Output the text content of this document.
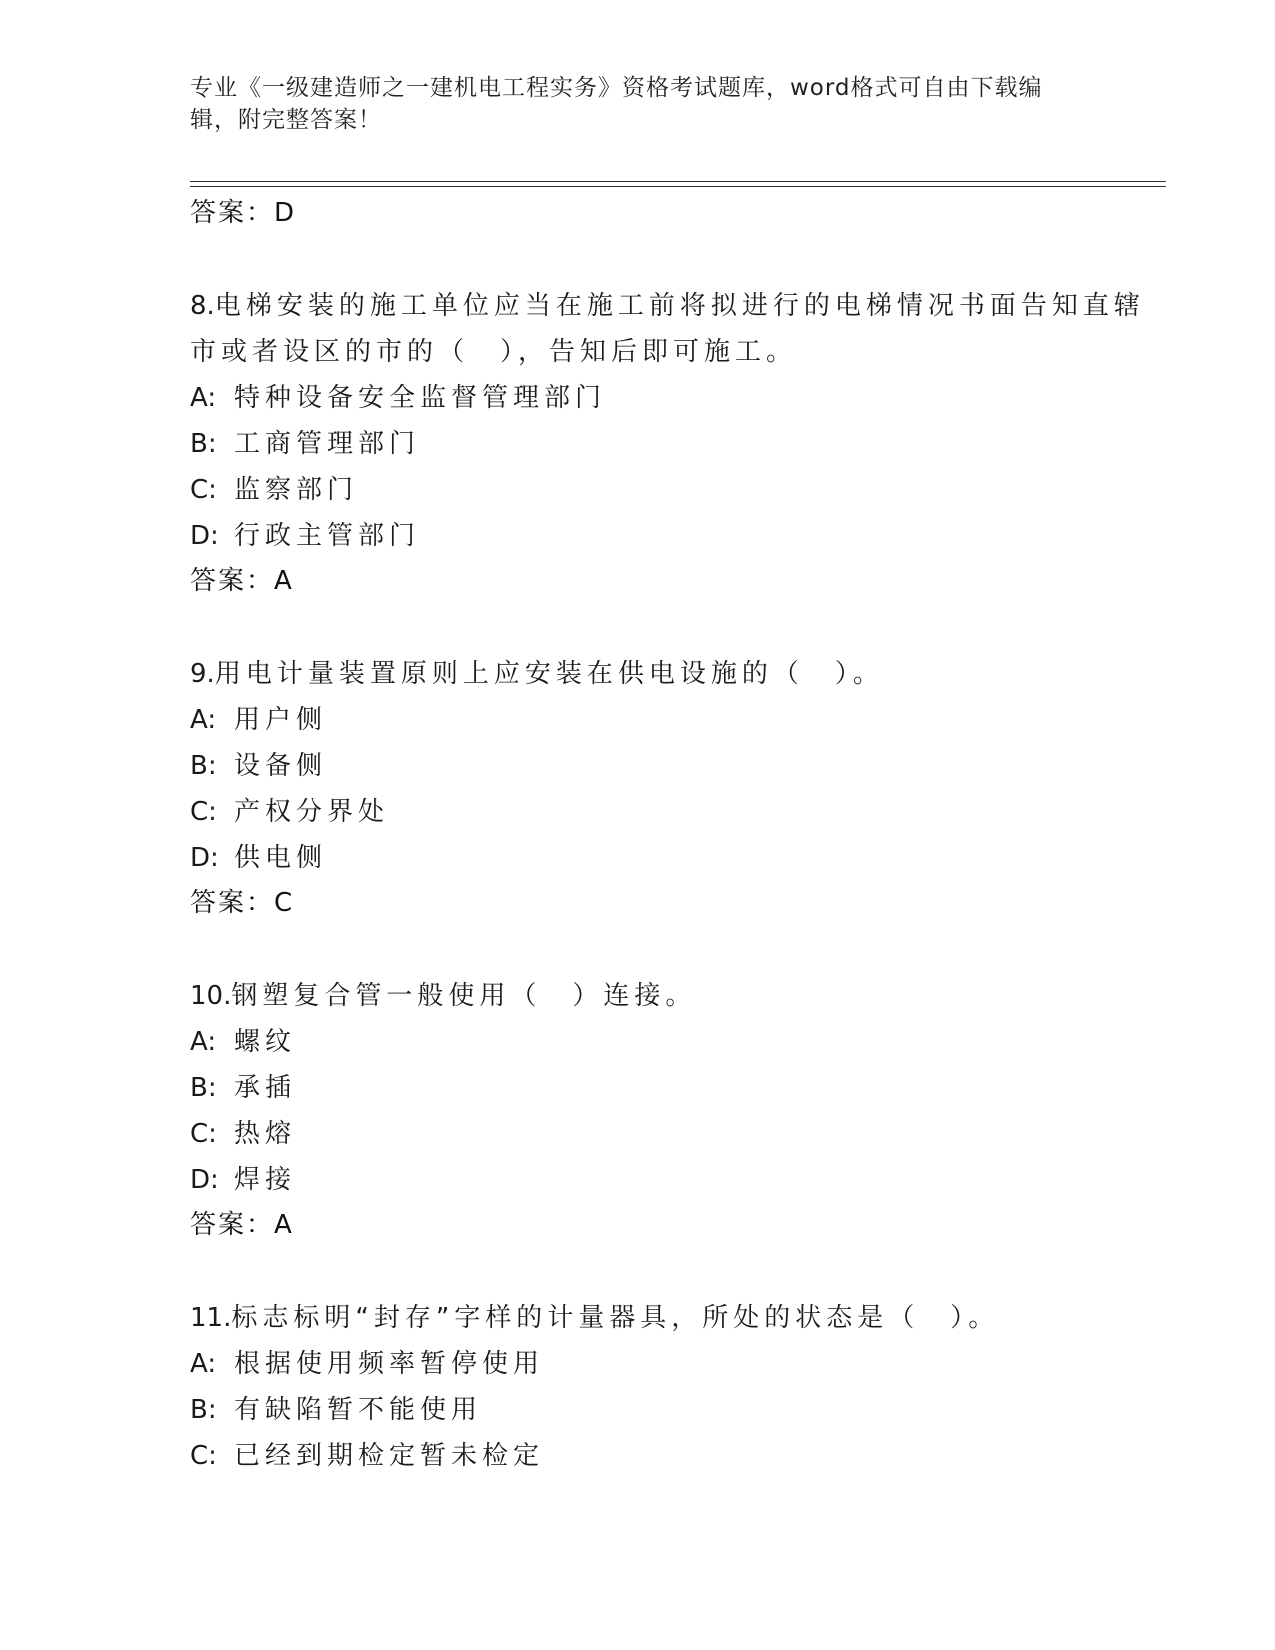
专业《一级建造师之一建机电工程实务》资格考试题库，word格式可自由下载编辑，附完整答案！
答案：D
8.电梯安装的施工单位应当在施工前将拟进行的电梯情况书面告知直辖市或者设区的市的（　），告知后即可施工。
A: 特种设备安全监督管理部门
B: 工商管理部门
C: 监察部门
D: 行政主管部门
答案：A
9.用电计量装置原则上应安装在供电设施的（　）。
A: 用户侧
B: 设备侧
C: 产权分界处
D: 供电侧
答案：C
10.钢塑复合管一般使用（　）连接。
A: 螺纹
B: 承插
C: 热熔
D: 焊接
答案：A
11.标志标明“封存”字样的计量器具，所处的状态是（　）。
A: 根据使用频率暂停使用
B: 有缺陷暂不能使用
C: 已经到期检定暂未检定
